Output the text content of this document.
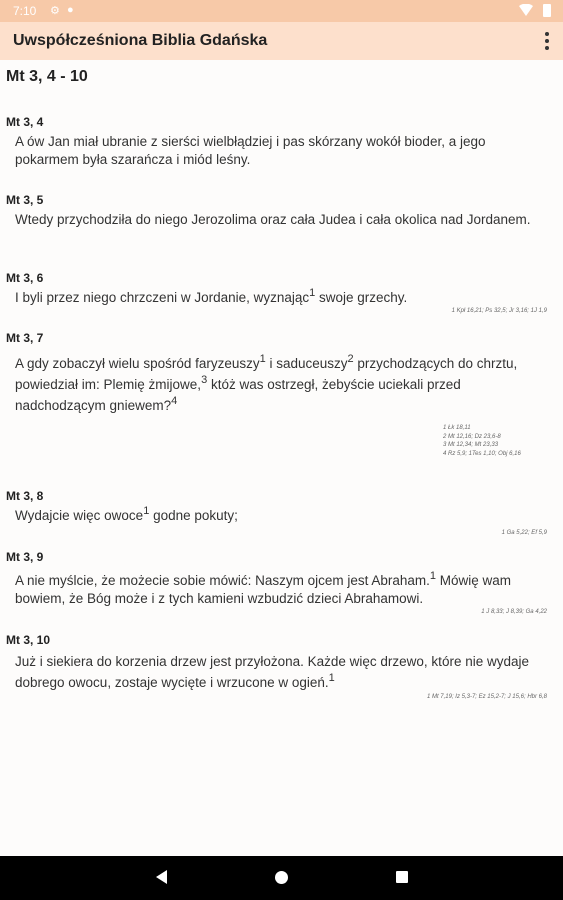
7:10 ⚙ ●
Uwspółcześniona Biblia Gdańska
Mt 3, 4 - 10
Mt 3, 4
A ów Jan miał ubranie z sierści wielbłądziej i pas skórzany wokół bioder, a jego pokarmem była szarańcza i miód leśny.
Mt 3, 5
Wtedy przychodziła do niego Jerozolima oraz cała Judea i cała okolica nad Jordanem.
Mt 3, 6
I byli przez niego chrzczeni w Jordanie, wyznając$^1$ swoje grzechy.
1 Kpł 16,21; Ps 32,5; Jr 3,16; 1J 1,9
Mt 3, 7
A gdy zobaczył wielu spośród faryzeuszy$^1$ i saduceuszy$^2$ przychodzących do chrztu, powiedział im: Plemię żmijowe,$^3$ któż was ostrzegł, żebyście uciekali przed nadchodzącym gniewem?$^4$
1 Łk 18,11
2 Mt 12,16; Dz 23,6-8
3 Mt 12,34; Mt 23,33
4 Rz 5,9; 1Tes 1,10; Obj 6,16
Mt 3, 8
Wydajcie więc owoce$^1$ godne pokuty;
1 Ga 5,22; Ef 5,9
Mt 3, 9
A nie myślcie, że możecie sobie mówić: Naszym ojcem jest Abraham.$^1$ Mówię wam bowiem, że Bóg może i z tych kamieni wzbudzić dzieci Abrahamowi.
1 J 8,33; J 8,39; Ga 4,22
Mt 3, 10
Już i siekiera do korzenia drzew jest przyłożona. Każde więc drzewo, które nie wydaje dobrego owocu, zostaje wycięte i wrzucone w ogień.$^1$
1 Mt 7,19; Iz 5,3-7; Ez 15,2-7; J 15,6; Hbr 6,8
